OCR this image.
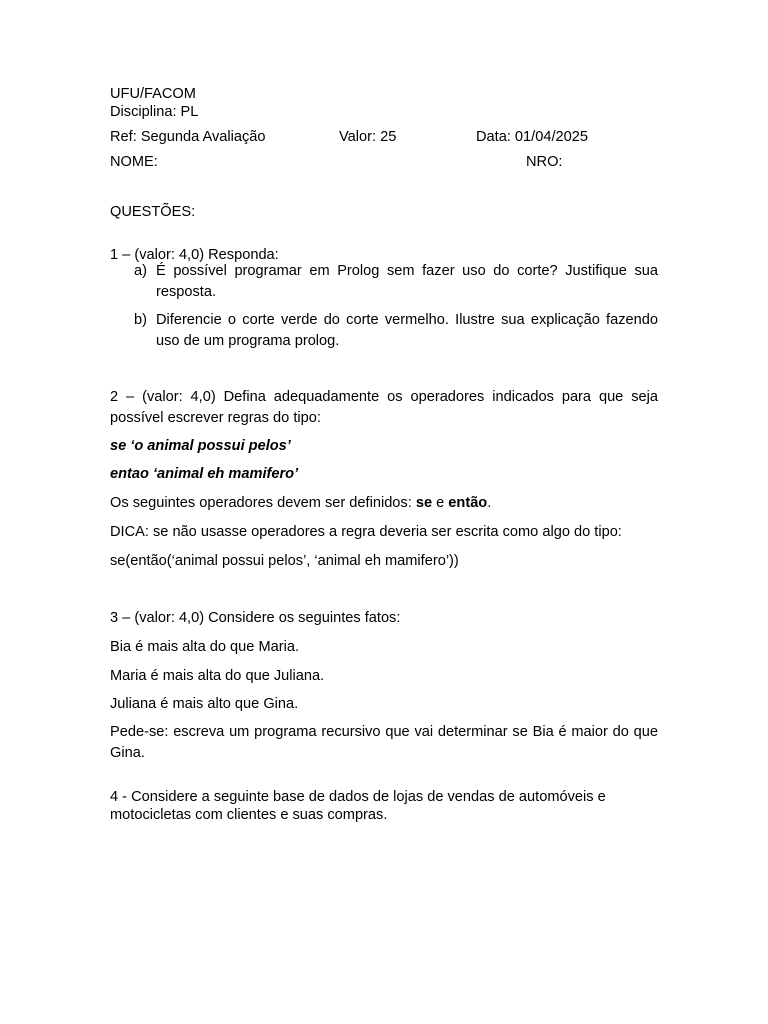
UFU/FACOM
Disciplina: PL
Ref: Segunda Avaliação	Valor: 25	Data: 01/04/2025
NOME:	NRO:
QUESTÕES:
1 – (valor: 4,0) Responda:
a) É possível programar em Prolog sem fazer uso do corte? Justifique sua resposta.
b) Diferencie o corte verde do corte vermelho. Ilustre sua explicação fazendo uso de um programa prolog.
2 – (valor: 4,0) Defina adequadamente os operadores indicados para que seja possível escrever regras do tipo:
se ‘o animal possui pelos’
entao ‘animal eh mamifero’
Os seguintes operadores devem ser definidos: se e então.
DICA: se não usasse operadores a regra deveria ser escrita como algo do tipo:
se(então(‘animal possui pelos’, ‘animal eh mamifero’))
3 – (valor: 4,0) Considere os seguintes fatos:
Bia é mais alta do que Maria.
Maria é mais alta do que Juliana.
Juliana é mais alto que Gina.
Pede-se: escreva um programa recursivo que vai determinar se Bia é maior do que Gina.
4 - Considere a seguinte base de dados de lojas de vendas de automóveis e motocicletas com clientes e suas compras.
